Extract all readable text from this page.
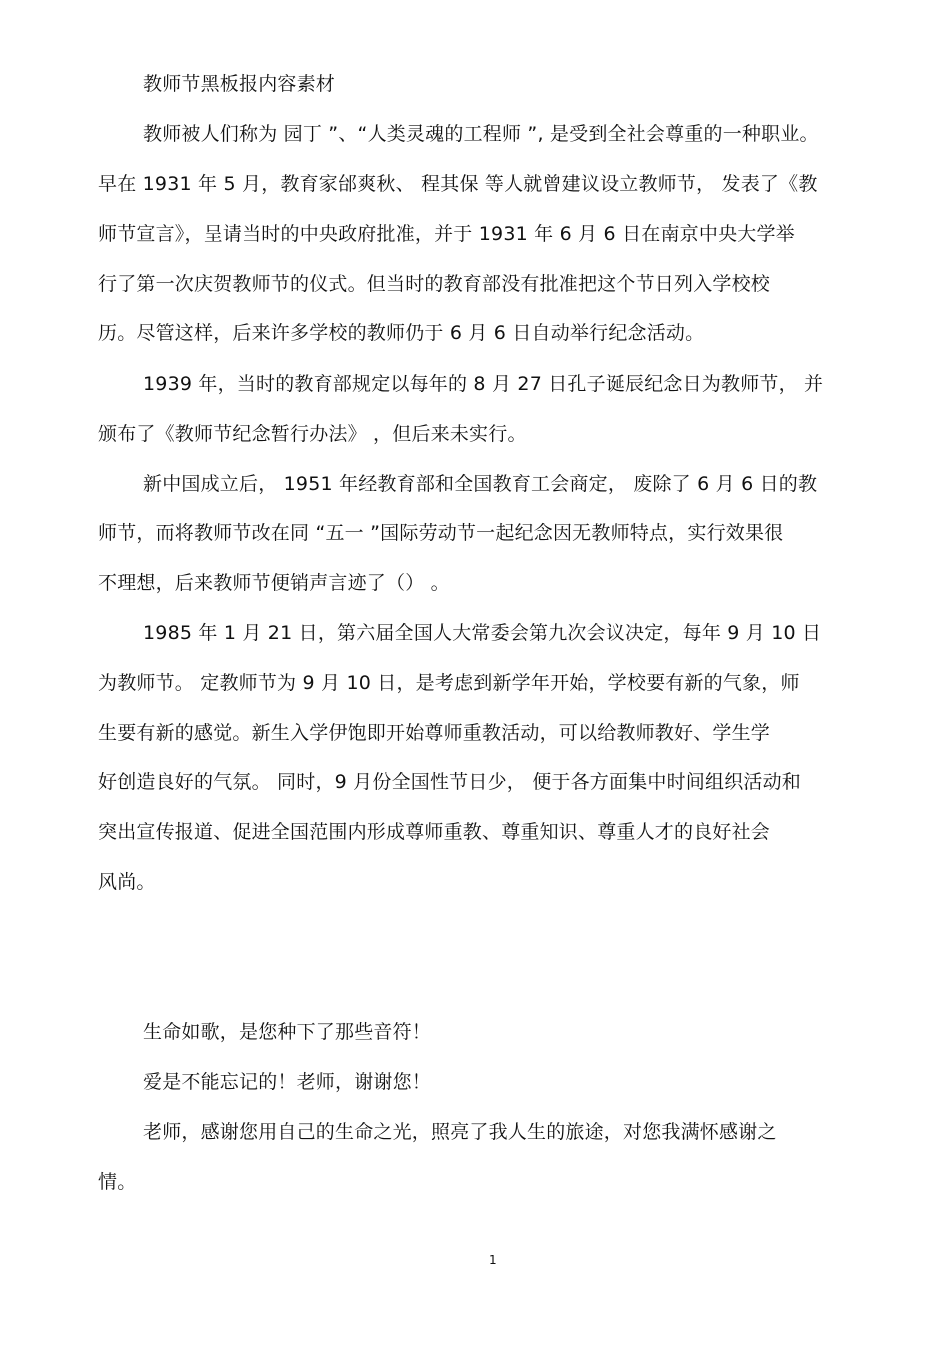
教师节黑板报内容素材
教师被人们称为 园丁 ”、“人类灵魂的工程师 ”, 是受到全社会尊重的一种职业。
早在 1931 年 5 月，教育家邰爽秋、 程其保 等人就曾建议设立教师节， 发表了《教
师节宣言》，呈请当时的中央政府批准，并于 1931 年 6 月 6 日在南京中央大学举
行了第一次庆贺教师节的仪式。但当时的教育部没有批准把这个节日列入学校校
历。尽管这样，后来许多学校的教师仍于 6 月 6 日自动举行纪念活动。
1939 年，当时的教育部规定以每年的 8 月 27 日孔子诞辰纪念日为教师节， 并
颁布了《教师节纪念暂行办法》 ，但后来未实行。
新中国成立后， 1951 年经教育部和全国教育工会商定， 废除了 6 月 6 日的教
师节，而将教师节改在同 “五一 ”国际劳动节一起纪念因无教师特点，实行效果很
不理想，后来教师节便销声言迹了（） 。
1985 年 1 月 21 日，第六届全国人大常委会第九次会议决定，每年 9 月 10 日
为教师节。 定教师节为 9 月 10 日，是考虑到新学年开始，学校要有新的气象，师
生要有新的感觉。新生入学伊饱即开始尊师重教活动，可以给教师教好、学生学
好创造良好的气氛。 同时，9 月份全国性节日少， 便于各方面集中时间组织活动和
突出宣传报道、促进全国范围内形成尊师重教、尊重知识、尊重人才的良好社会
风尚。
生命如歌，是您种下了那些音符！
爱是不能忘记的！老师，谢谢您！
老师，感谢您用自己的生命之光，照亮了我人生的旅途，对您我满怀感谢之
情。
1
